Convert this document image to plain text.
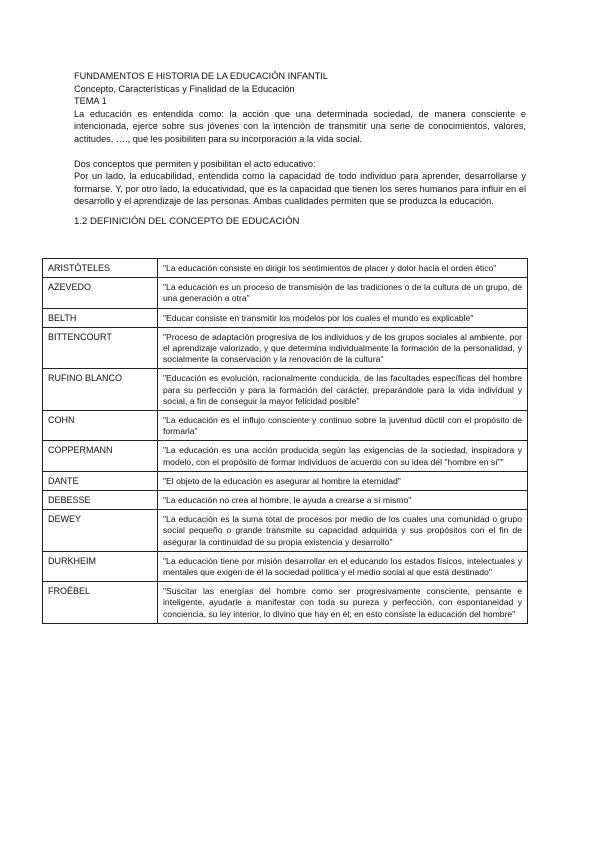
FUNDAMENTOS E HISTORIA DE LA EDUCACIÓN INFANTIL

Concepto, Características y Finalidad de la Educación

TEMA 1

La educación es entendida como: la acción que una determinada sociedad, de manera consciente e intencionada, ejerce sobre sus jóvenes con la intención de transmitir una serie de conocimientos, valores, actitudes, …., que les posibiliten para su incorporación a la vida social.

Dos conceptos que permiten y posibilitan el acto educativo:

Por un lado, la educabilidad, entendida como la capacidad de todo individuo para aprender, desarrollarse y formarse. Y, por otro lado, la educatividad, que es la capacidad que tienen los seres humanos para influir en el desarrollo y el aprendizaje de las personas. Ambas cualidades permiten que se produzca la educación.

1.2 DEFINICIÓN DEL CONCEPTO DE EDUCACIÓN

ARISTÓTELES	"La educación consiste en dirigir los sentimientos de placer y dolor hacia el orden ético"
AZEVEDO	"La educación es un proceso de transmisión de las tradiciones o de la cultura de un grupo, de una generación a otra"
BELTH	"Educar consiste en transmitir los modelos por los cuales el mundo es explicable"
BITTENCOURT	"Proceso de adaptación progresiva de los individuos y de los grupos sociales al ambiente, por el aprendizaje valorizado, y que determina individualmente la formación de la personalidad, y socialmente la conservación y la renovación de la cultura"
RUFINO BLANCO	"Educación es evolución, racionalmente conducida, de las facultades específicas del hombre para su perfección y para la formación del carácter, preparándole para la vida individual y social, a fin de conseguir la mayor felicidad posible"
COHN	"La educación es el influjo consciente y continuo sobre la juventud dúctil con el propósito de formarla"
COPPERMANN	"La educación es una acción producida según las exigencias de la sociedad, inspiradora y modelo, con el propósito de formar individuos de acuerdo con su idea del "hombre en sí""
DANTE	"El objeto de la educación es asegurar al hombre la eternidad"
DEBESSE	"La educación no crea al hombre, le ayuda a crearse a sí mismo"
DEWEY	"La educación es la suma total de procesos por medio de los cuales una comunidad o grupo social pequeño o grande transmite su capacidad adquirida y sus propósitos con el fin de asegurar la continuidad de su propia existencia y desarrollo"
DURKHEIM	"La educación tiene por misión desarrollar en el educando los estados físicos, intelectuales y mentales que exigen de él la sociedad política y el medio social al que está destinado"
FROËBEL	"Suscitar las energías del hombre como ser progresivamente consciente, pensante e inteligente, ayudarle a manifestar con toda su pureza y perfección, con espontaneidad y conciencia, su ley interior, lo divino que hay en él; en esto consiste la educación del hombre"
